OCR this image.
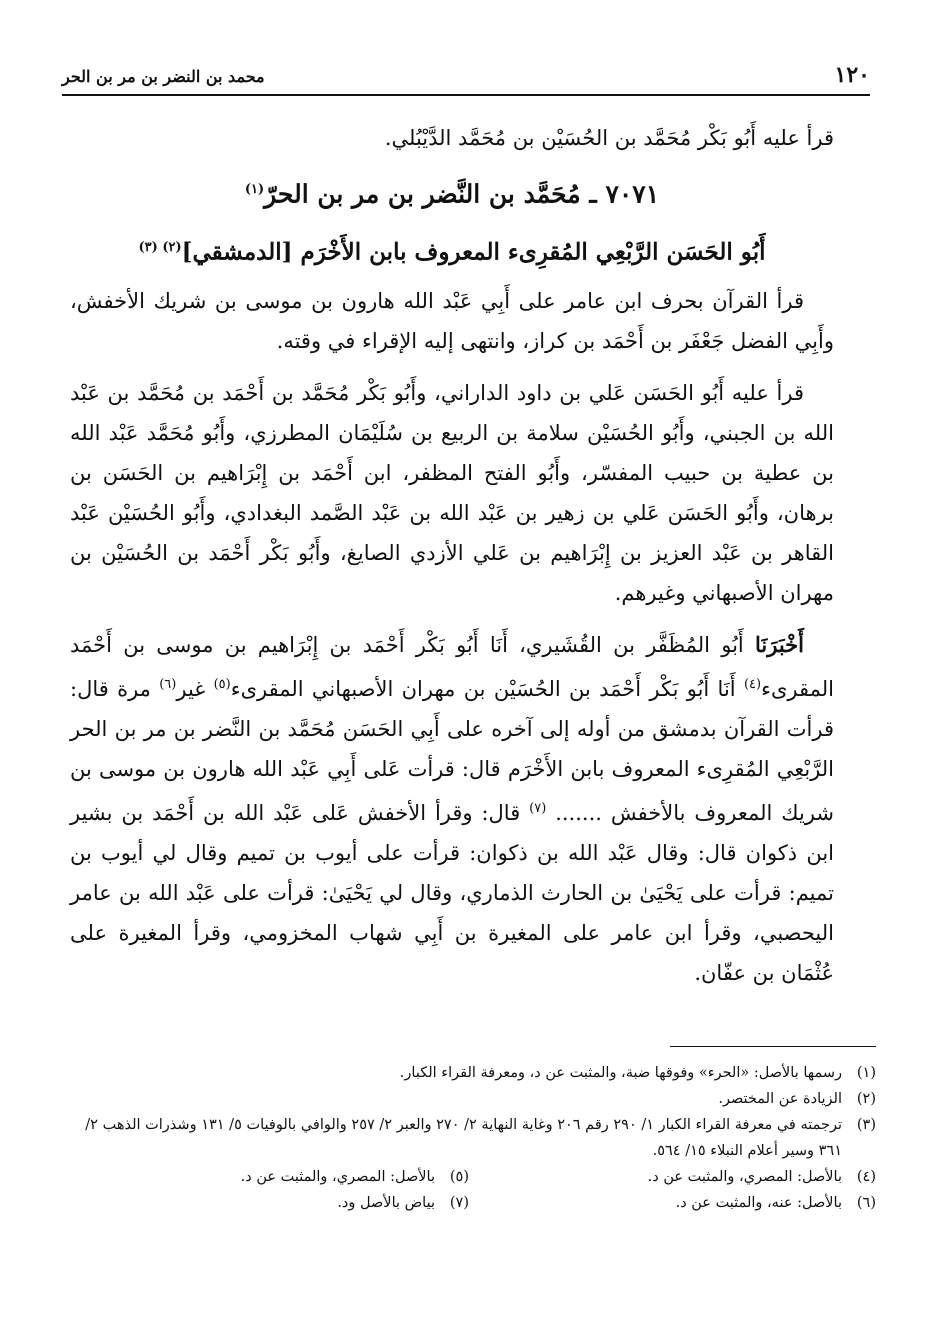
١٢٠
محمد بن النضر بن مر بن الحر

قرأ عليه أَبُو بَكْر مُحَمَّد بن الحُسَيْن بن مُحَمَّد الدَّيْبُلي.

٧٠٧١ ـ مُحَمَّد بن النَّضر بن مر بن الحرّ$^{(١)}$

أَبُو الحَسَن الرَّبْعِي المُقرِىء المعروف بابن الأَخْرَم [الدمشقي]$^{(٢) (٣)}$

قرأ القرآن بحرف ابن عامر على أَبِي عَبْد الله هارون بن موسى بن شريك الأخفش، وأَبِي الفضل جَعْفَر بن أَحْمَد بن كراز، وانتهى إليه الإقراء في وقته.

قرأ عليه أَبُو الحَسَن عَلي بن داود الداراني، وأَبُو بَكْر مُحَمَّد بن أَحْمَد بن مُحَمَّد بن عَبْد الله بن الجبني، وأَبُو الحُسَيْن سلامة بن الربيع بن سُلَيْمَان المطرزي، وأَبُو مُحَمَّد عَبْد الله بن عطية بن حبيب المفسّر، وأَبُو الفتح المظفر، ابن أَحْمَد بن إِبْرَاهيم بن الحَسَن بن برهان، وأَبُو الحَسَن عَلي بن زهير بن عَبْد الله بن عَبْد الصَّمد البغدادي، وأَبُو الحُسَيْن عَبْد القاهر بن عَبْد العزيز بن إِبْرَاهيم بن عَلي الأزدي الصايغ، وأَبُو بَكْر أَحْمَد بن الحُسَيْن بن مهران الأصبهاني وغيرهم.

أَخْبَرَنَا أَبُو المُظَفَّر بن القُشَيري، أَنَا أَبُو بَكْر أَحْمَد بن إِبْرَاهيم بن موسى بن أَحْمَد المقرىء$^{(٤)}$ أَنَا أَبُو بَكْر أَحْمَد بن الحُسَيْن بن مهران الأصبهاني المقرىء$^{(٥)}$ غير$^{(٦)}$ مرة قال: قرأت القرآن بدمشق من أوله إلى آخره على أَبِي الحَسَن مُحَمَّد بن النَّضر بن مر بن الحر الرَّبْعِي المُقرِىء المعروف بابن الأَخْرَم قال: قرأت عَلى أَبِي عَبْد الله هارون بن موسى بن شريك المعروف بالأخفش ....... $^{(٧)}$ قال: وقرأ الأخفش عَلى عَبْد الله بن أَحْمَد بن بشير ابن ذكوان قال: وقال عَبْد الله بن ذكوان: قرأت على أيوب بن تميم وقال لي أيوب بن تميم: قرأت على يَحْيَىٰ بن الحارث الذماري، وقال لي يَحْيَىٰ: قرأت على عَبْد الله بن عامر اليحصبي، وقرأ ابن عامر على المغيرة بن أَبِي شهاب المخزومي، وقرأ المغيرة على عُثْمَان بن عفّان.

(١)
رسمها بالأصل: «الحرء» وفوقها ضبة، والمثبت عن د، ومعرفة القراء الكبار.
(٢)
الزيادة عن المختصر.
(٣)
ترجمته في معرفة القراء الكبار ١/ ٢٩٠ رقم ٢٠٦ وغاية النهاية ٢/ ٢٧٠ والعبر ٢/ ٢٥٧ والوافي بالوفيات ٥/ ١٣١ وشذرات الذهب ٢/ ٣٦١ وسير أعلام النبلاء ١٥/ ٥٦٤.
(٤)
بالأصل: المصري، والمثبت عن د.
(٥)
بالأصل: المصري، والمثبت عن د.
(٦)
بالأصل: عنه، والمثبت عن د.
(٧)
بياض بالأصل ود.
